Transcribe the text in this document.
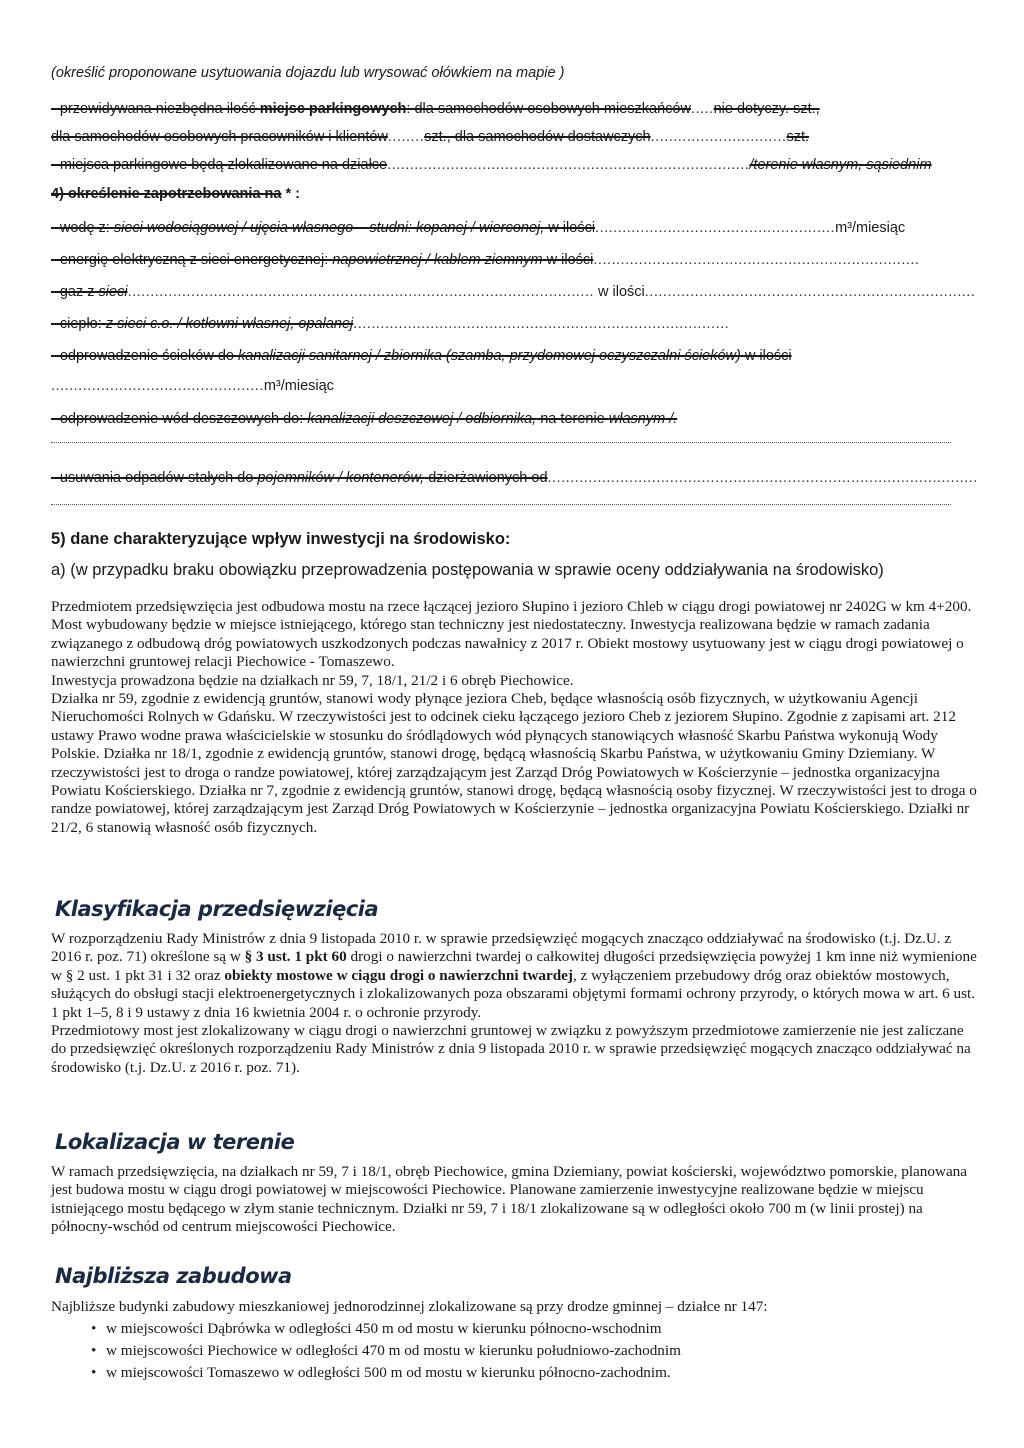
(określić proponowane usytuowania dojazdu lub wrysować ołówkiem na mapie )
- przewidywana niezbędna ilość miejsc parkingowych: dla samochodów osobowych mieszkańców.....nie dotyczy. szt.,
dla samochodów osobowych pracowników i klientów........szt., dla samochodów dostawczych..............................szt.
- miejsca parkingowe będą zlokalizowane na działce................................................................................/terenie własnym, sąsiednim
4) określenie zapotrzebowania na * :
- wodę z: sieci wodociągowej / ujęcia własnego – studni: kopanej / wierconej, w ilości.....................................................m³/miesiąc
- energię elektryczną z sieci energetycznej: napowietrznej / kablem ziemnym w ilości........................................................................
- gaz z sieci....................................................................................................... w ilości.........................................................................
- ciepło: z sieci c.o. / kotłowni własnej, opalanej...................................................................................
- odprowadzenie ścieków do kanalizacji sanitarnej / zbiornika (szamba, przydomowej oczyszczalni ścieków) w ilości
...............................................m³/miesiąc
- odprowadzenie wód deszczowych do: kanalizacji deszczowej / odbiornika, na terenie własnym /.
- usuwania odpadów stałych do pojemników / kontenerów, dzierżawionych od...............................................................................................
5) dane charakteryzujące wpływ inwestycji na środowisko:
a) (w przypadku braku obowiązku przeprowadzenia postępowania w sprawie oceny oddziaływania na środowisko)

Przedmiotem przedsięwzięcia jest odbudowa mostu na rzece łączącej jezioro Słupino i jezioro Chleb w ciągu drogi powiatowej nr 2402G w km 4+200. Most wybudowany będzie w miejsce istniejącego, którego stan techniczny jest niedostateczny. Inwestycja realizowana będzie w ramach zadania związanego z odbudową dróg powiatowych uszkodzonych podczas nawałnicy z 2017 r. Obiekt mostowy usytuowany jest w ciągu drogi powiatowej o nawierzchni gruntowej relacji Piechowice - Tomaszewo.

Inwestycja prowadzona będzie na działkach nr 59, 7, 18/1, 21/2 i 6 obręb Piechowice.

Działka nr 59, zgodnie z ewidencją gruntów, stanowi wody płynące jeziora Cheb, będące własnością osób fizycznych, w użytkowaniu Agencji Nieruchomości Rolnych w Gdańsku. W rzeczywistości jest to odcinek cieku łączącego jezioro Cheb z jeziorem Słupino. Zgodnie z zapisami art. 212 ustawy Prawo wodne prawa właścicielskie w stosunku do śródlądowych wód płynących stanowiących własność Skarbu Państwa wykonują Wody Polskie. Działka nr 18/1, zgodnie z ewidencją gruntów, stanowi drogę, będącą własnością Skarbu Państwa, w użytkowaniu Gminy Dziemiany. W rzeczywistości jest to droga o randze powiatowej, której zarządzającym jest Zarząd Dróg Powiatowych w Kościerzynie – jednostka organizacyjna Powiatu Kościerskiego. Działka nr 7, zgodnie z ewidencją gruntów, stanowi drogę, będącą własnością osoby fizycznej. W rzeczywistości jest to droga o randze powiatowej, której zarządzającym jest Zarząd Dróg Powiatowych w Kościerzynie – jednostka organizacyjna Powiatu Kościerskiego. Działki nr 21/2, 6 stanowią własność osób fizycznych.

Klasyfikacja przedsięwzięcia

W rozporządzeniu Rady Ministrów z dnia 9 listopada 2010 r. w sprawie przedsięwzięć mogących znacząco oddziaływać na środowisko (t.j. Dz.U. z 2016 r. poz. 71) określone są w § 3 ust. 1 pkt 60 drogi o nawierzchni twardej o całkowitej długości przedsięwzięcia powyżej 1 km inne niż wymienione w § 2 ust. 1 pkt 31 i 32 oraz obiekty mostowe w ciągu drogi o nawierzchni twardej, z wyłączeniem przebudowy dróg oraz obiektów mostowych, służących do obsługi stacji elektroenergetycznych i zlokalizowanych poza obszarami objętymi formami ochrony przyrody, o których mowa w art. 6 ust. 1 pkt 1–5, 8 i 9 ustawy z dnia 16 kwietnia 2004 r. o ochronie przyrody.

Przedmiotowy most jest zlokalizowany w ciągu drogi o nawierzchni gruntowej w związku z powyższym przedmiotowe zamierzenie nie jest zaliczane do przedsięwzięć określonych rozporządzeniu Rady Ministrów z dnia 9 listopada 2010 r. w sprawie przedsięwzięć mogących znacząco oddziaływać na środowisko (t.j. Dz.U. z 2016 r. poz. 71).

Lokalizacja w terenie

W ramach przedsięwzięcia, na działkach nr 59, 7 i 18/1, obręb Piechowice, gmina Dziemiany, powiat kościerski, województwo pomorskie, planowana jest budowa mostu w ciągu drogi powiatowej w miejscowości Piechowice. Planowane zamierzenie inwestycyjne realizowane będzie w miejscu istniejącego mostu będącego w złym stanie technicznym. Działki nr 59, 7 i 18/1 zlokalizowane są w odległości około 700 m (w linii prostej) na północny-wschód od centrum miejscowości Piechowice.

Najbliższa zabudowa

Najbliższe budynki zabudowy mieszkaniowej jednorodzinnej zlokalizowane są przy drodze gminnej – działce nr 147:

• w miejscowości Dąbrówka w odległości 450 m od mostu w kierunku północno-wschodnim
• w miejscowości Piechowice w odległości 470 m od mostu w kierunku południowo-zachodnim
• w miejscowości Tomaszewo w odległości 500 m od mostu w kierunku północno-zachodnim.
